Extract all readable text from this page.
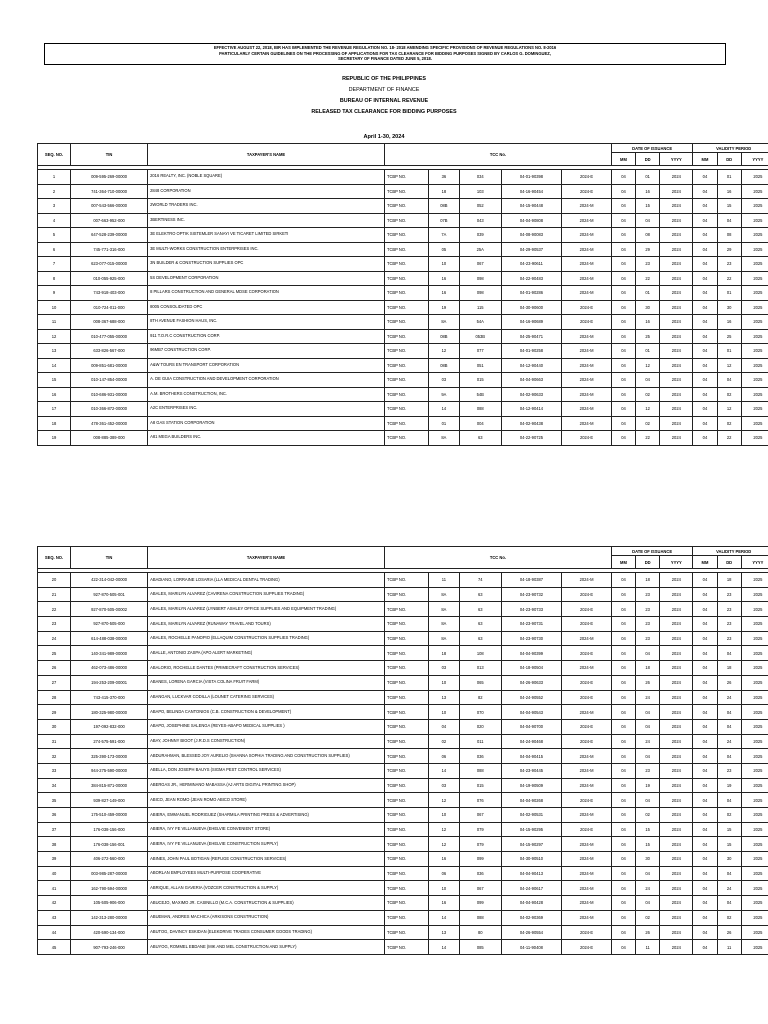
EFFECTIVE AUGUST 22, 2018, BIR HAS IMPLEMENTED THE REVENUE REGULATION NO. 18- 2018 AMENDING SPECIFIC PROVISIONS OF REVENUE REGULATIONS NO. 8-2016
PARTICULARLY CERTAIN GUIDELINES ON THE PROCESSING OF APPLICATIONS FOR TAX CLEARANCE FOR BIDDING PURPOSES SIGNED BY CARLOS G. DOMINGUEZ,
SECRETARY OF FINANCE DATED JUNE 5, 2018.
REPUBLIC OF THE PHILIPPINES
DEPARTMENT OF FINANCE
BUREAU OF INTERNAL REVENUE
RELEASED TAX CLEARANCE FOR BIDDING PURPOSES
April 1-30, 2024
SEQ. NO.	TIN	TAXPAYER'S NAME	TCC No.					DATE OF ISSUANCE			VALIDITY PERIOD		
								MM	DD	YYYY	MM	DD	YYYY

1	009-595-269-00000	2016 REALTY, INC. (NOBLE SQUARE)	TCBP NO.	36	034	04-01-90398	2024-E	04	01	2024	04	01	2025
2	741-364-710-00000	2848 CORPORATION	TCBP NO.	18	103	04-16-90454	2024-E	04	16	2024	04	16	2025
3	007-543-566-00000	2WORLD TRADERS INC.	TCBP NO.	08B	052	04-15-90448	2024-M	04	15	2024	04	15	2025
4	007-663-952-000	3BERTINESS INC.	TCBP NO.	07B	043	04-04-90808	2024-M	04	04	2024	04	04	2025
5	647-528-239-00000	3E ELEKTRO OPTIK SISTEMLER SANAYI VE TICARET LIMITED SIRKETI	TCBP NO.	7A	039	04-08-90083	2024-M	04	08	2024	04	08	2025
6	745-771-316-000	3E MULTI-WORKS CONSTRUCTION ENTERPRISES INC.	TCBP NO.	05	25A	04-29-90537	2024-M	04	29	2024	04	29	2025
7	623-077-015-00000	3N BUILDER & CONSTRUCTION SUPPLIES OPC	TCBP NO.	10	067	04-23-90611	2024-M	04	23	2024	04	23	2025
8	010-055-925-000	5S DEVELOPMENT CORPORATION	TCBP NO.	16	098	04-22-90483	2024-M	04	22	2024	04	22	2025
9	743-918-403-000	8 PILLARS CONSTRUCTION AND GENERAL MDSE CORPORATION	TCBP NO.	16	098	04-01-90286	2024-M	04	01	2024	04	01	2025
10	010-724-011-000	8005 CONSOLIDATED OPC	TCBP NO.	19	115	04-30-90600	2024-E	04	30	2024	04	30	2025
11	008-367-688-000	8TH AVENUE FASHION HAUS, INC.	TCBP NO.	8A	54A	04-16-90689	2024-E	04	16	2024	04	16	2025
12	010-477-055-00000	911 T.O.R.C CONSTRUCTION CORP.	TCBP NO.	08B	053B	04-25-90471	2024-M	04	25	2024	04	25	2025
13	633-826-567-000	96MB7 CONSTRUCTION CORP.	TCBP NO.	12	077	04-01-90258	2024-M	04	01	2024	04	01	2025
14	009-851-681-00000	A&W TOURS EN TRANSPORT CORPORATION	TCBP NO.	08B	051	04-12-90440	2024-M	04	12	2024	04	12	2025
15	010-147-854-00000	A. DE GUIA CONSTRUCTION AND DEVELOPMENT CORPORATION	TCBP NO.	03	015	04-04-90663	2024-M	04	04	2024	04	04	2025
16	010-686-931-00000	A.M. BROTHERS CONSTRUCTION, INC.	TCBP NO.	9A	54B	04-02-90633	2024-M	04	02	2024	04	02	2025
17	010-366-872-00000	A2C ENTERPRISES INC.	TCBP NO.	14	088	04-12-90414	2024-M	04	12	2024	04	12	2025
18	478-361-452-00000	A8 GAS STATION CORPORATION	TCBP NO.	01	004	04-02-90438	2024-M	04	02	2024	04	02	2025
19	008-885-389-000	A81 MEGA BUILDERS INC.	TCBP NO.	8A	63	04-22-90725	2024-E	04	22	2024	04	22	2025
SEQ. NO.	TIN	TAXPAYER'S NAME	TCC No.					DATE OF ISSUANCE			VALIDITY PERIOD		
								MM	DD	YYYY	MM	DD	YYYY

20	422-314-042-00000	ABADIANO, LORRAINE LOSARIA (LLA MEDICAL DENTAL TRADING)	TCBP NO.	11	74	04-18-90387	2024-M	04	18	2024	04	18	2025
21	927-870-505-001	ABALES, MARILYN ALVAREZ (CAVIRENA CONSTRUCTION SUPPLIES TRADING)	TCBP NO.	8A	63	04-23-90732	2024-E	04	23	2024	04	23	2025
22	927-870-505-00002	ABALES, MARILYN ALVAREZ (LYNBERT ASHLEY OFFICE SUPPLIES AND EQUIPMENT TRADING)	TCBP NO.	8A	63	04-23-90733	2024-E	04	23	2024	04	23	2025
23	927-870-505-000	ABALES, MARILYN ALVAREZ (RUNAWAY TRAVEL AND TOURS)	TCBP NO.	8A	63	04-23-90731	2024-E	04	23	2024	04	23	2025
24	614-488-038-00000	ABALES, ROCHELLE PANOPIO (ELLAQUIM CONSTRUCTION SUPPLIES TRADING)	TCBP NO.	8A	63	04-23-90730	2024-M	04	23	2024	04	23	2025
25	140-341-989-00000	ABALLE, ANTONIO ZASPA (APO ALERT MARKETING)	TCBP NO.	18	108	04-04-90399	2024-E	04	04	2024	04	04	2025
26	462-073-486-00000	ABALORIO, ROCHELLE DANTES (PRIMECRAFT CONSTRUCTION SERVICES)	TCBP NO.	03	013	04-18-90504	2024-M	04	18	2024	04	18	2025
27	194-253-209-00001	ABANES, LORENA GARCIA (VISTA COLINA FRUIT FARM)	TCBP NO.	10	065	04-26-90633	2024-E	04	26	2024	04	26	2025
28	743-415-370-000	ABANGAN, LUCKVAR CODILLA (LOUNET CATERING SERVICES)	TCBP NO.	13	82	04-24-90552	2024-E	04	24	2024	04	24	2025
29	180-325-980-00000	ABAPO, BELINDA CANTONIOS (C.B. CONSTRUCTION & DEVELOPMENT)	TCBP NO.	10	070	04-04-90543	2024-M	04	04	2024	04	04	2025
30	197-092-832-000	ABAPO, JOSEPHINE SALENGA (REYES-ABAPO MEDICAL SUPPLIES )	TCBP NO.	04	020	04-04-90700	2024-E	04	04	2024	04	04	2025
31	274-575-591-000	ABAY, JOHNNY BIGOT (J.R.D.S CONSTRUCTION)	TCBP NO.	02	011	04-24-90468	2024-E	04	24	2024	04	24	2025
32	325-390-173-00000	ABDURAHMAN, BLESSED JOY AURELIO (SHANNA SOPHIA TRADING AND CONSTRUCTION SUPPLIES)	TCBP NO.	06	036	04-04-90415	2024-M	04	04	2024	04	04	2025
33	944-275-590-00000	ABELLA, DON JOSEPH BAUYS (SIGMA PEST CONTROL SERVICES)	TCBP NO.	14	088	04-23-90445	2024-M	04	23	2024	04	23	2025
34	384-815-871-00000	ABERGAS JR., HERMINANO MABASSA (AJ ARTS DIGITAL PRINTING SHOP)	TCBP NO.	03	015	04-19-90509	2024-M	04	19	2024	04	19	2025
35	939-827-149-000	ABICO, JEAN ROMO (JEAN ROMO ABICO STORE)	TCBP NO.	12	076	04-04-90268	2024-E	04	04	2024	04	04	2025
36	175-510-459-00000	ABIERA, EMMANUEL RODRIGUEZ (SHARMILA PRINTING PRESS & ADVERTISING)	TCBP NO.	10	067	04-02-90531	2024-M	04	02	2024	04	02	2025
37	176-038-156-000	ABIERA, IVY FE VILLANUEVA (EHELVIE CONVENIENT STORE)	TCBP NO.	12	079	04-15-90295	2024-E	04	15	2024	04	15	2025
38	176-038-156-001	ABIERA, IVY FE VILLANUEVA (EHELVIE CONSTRUCTION SUPPLY)	TCBP NO.	12	079	04-15-90297	2024-M	04	15	2024	04	15	2025
39	406-272-560-000	ABINES, JOHN PAUL BOTIGAN (REFUGE CONSTRUCTION SERVICES)	TCBP NO.	16	099	04-30-90510	2024-M	04	30	2024	04	30	2025
40	003-985-287-00000	ABORLAN EMPLOYEES MULTI-PURPOSE COOPERATIVE	TCBP NO.	06	036	04-04-90413	2024-M	04	04	2024	04	04	2025
41	162-790-594-00000	ABRIQUE, ALLAN GAVERIA (VOZCER CONSTRUCTION & SUPPLY)	TCBP NO.	10	067	04-24-90617	2024-M	04	24	2024	04	24	2025
42	105-505-906-000	ABUCEJO, MAXIMO JR. CASINILLO (M.C.A. CONSTRUCTION & SUPPLIES)	TCBP NO.	16	099	04-04-90428	2024-M	04	04	2024	04	04	2025
43	142-313-280-00000	ABUEMAN, ANDRES MACHICA (ARKISONS CONSTRUCTION)	TCBP NO.	14	088	04-02-90369	2024-M	04	02	2024	04	02	2025
44	420-590-134-000	ABUTOG, DAVINCY ESKIDAN (ELEKDRIVE TRADES CONSUMER GOODS TRADING)	TCBP NO.	13	80	04-26-90554	2024-E	04	26	2024	04	26	2025
45	907-793-246-000	ABUYOG, ROMMEL EBDANE (MIK AND MEL CONSTRUCTION AND SUPPLY)	TCBP NO.	14	085	04-11-90408	2024-E	04	11	2024	04	11	2025
